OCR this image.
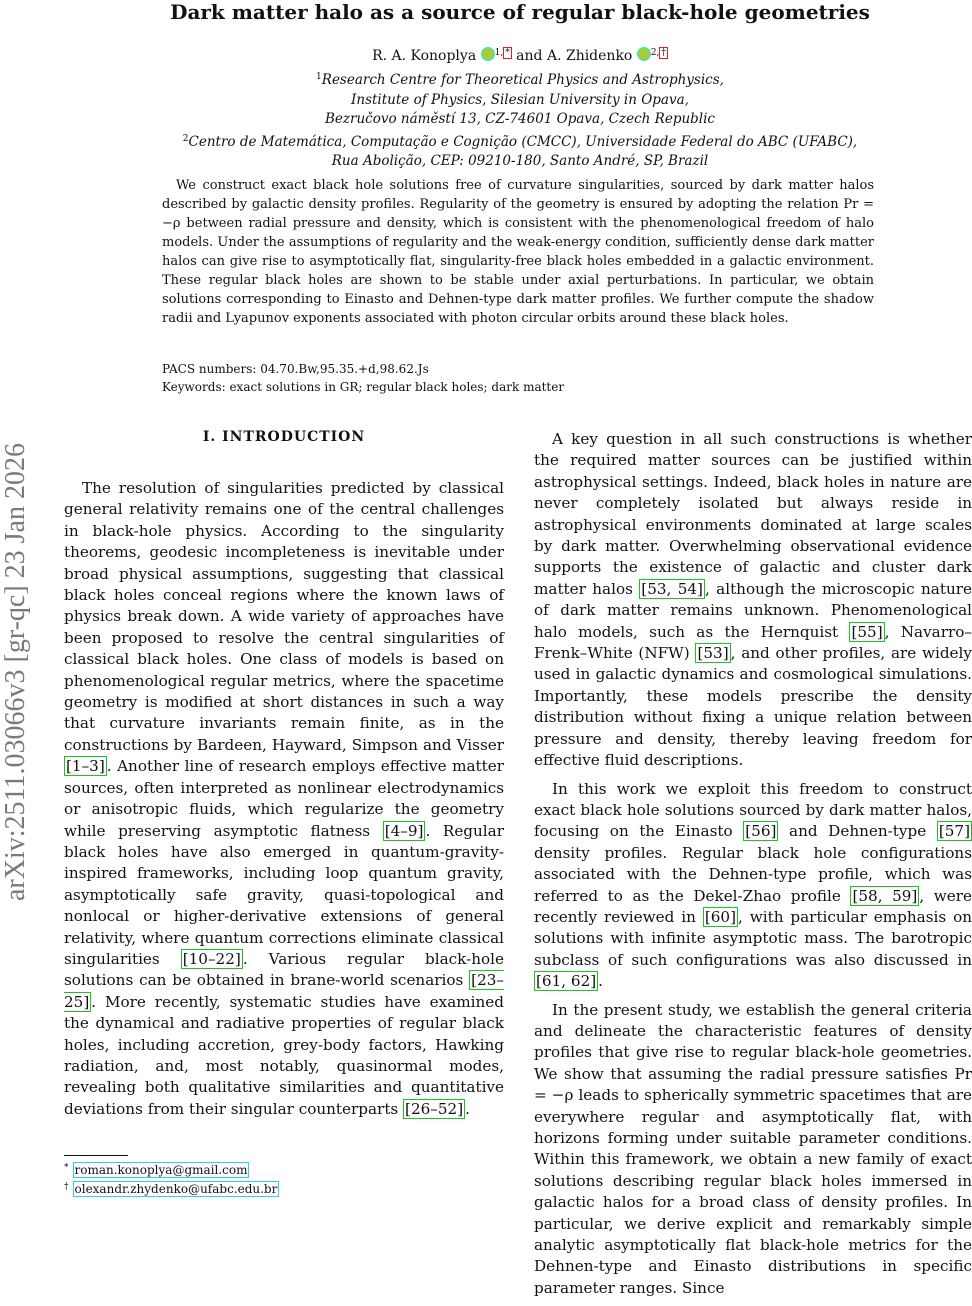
arXiv:2511.03066v3 [gr-qc] 23 Jan 2026
Dark matter halo as a source of regular black-hole geometries
R. A. Konoplya $^{1,}$ * and A. Zhidenko $^{2,}$ †
$^1$Research Centre for Theoretical Physics and Astrophysics,
Institute of Physics, Silesian University in Opava,
Bezručovo náměstí 13, CZ-74601 Opava, Czech Republic
$^2$Centro de Matemática, Computação e Cognição (CMCC), Universidade Federal do ABC (UFABC),
Rua Abolição, CEP: 09210-180, Santo André, SP, Brazil
We construct exact black hole solutions free of curvature singularities, sourced by dark matter halos described by galactic density profiles. Regularity of the geometry is ensured by adopting the relation Pr = −ρ between radial pressure and density, which is consistent with the phenomenological freedom of halo models. Under the assumptions of regularity and the weak-energy condition, sufficiently dense dark matter halos can give rise to asymptotically flat, singularity-free black holes embedded in a galactic environment. These regular black holes are shown to be stable under axial perturbations. In particular, we obtain solutions corresponding to Einasto and Dehnen-type dark matter profiles. We further compute the shadow radii and Lyapunov exponents associated with photon circular orbits around these black holes.
PACS numbers: 04.70.Bw,95.35.+d,98.62.Js
Keywords: exact solutions in GR; regular black holes; dark matter
I. INTRODUCTION

The resolution of singularities predicted by classical general relativity remains one of the central challenges in black-hole physics. According to the singularity theorems, geodesic incompleteness is inevitable under broad physical assumptions, suggesting that classical black holes conceal regions where the known laws of physics break down. A wide variety of approaches have been proposed to resolve the central singularities of classical black holes. One class of models is based on phenomenological regular metrics, where the spacetime geometry is modified at short distances in such a way that curvature invariants remain finite, as in the constructions by Bardeen, Hayward, Simpson and Visser [1–3] . Another line of research employs effective matter sources, often interpreted as nonlinear electrodynamics or anisotropic fluids, which regularize the geometry while preserving asymptotic flatness [4–9] . Regular black holes have also emerged in quantum-gravity-inspired frameworks, including loop quantum gravity, asymptotically safe gravity, quasi-topological and nonlocal or higher-derivative extensions of general relativity, where quantum corrections eliminate classical singularities [10–22] . Various regular black-hole solutions can be obtained in brane-world scenarios [23–25] . More recently, systematic studies have examined the dynamical and radiative properties of regular black holes, including accretion, grey-body factors, Hawking radiation, and, most notably, quasinormal modes, revealing both qualitative similarities and quantitative deviations from their singular counterparts [26–52] .

A key question in all such constructions is whether the required matter sources can be justified within astrophysical settings. Indeed, black holes in nature are never completely isolated but always reside in astrophysical environments dominated at large scales by dark matter. Overwhelming observational evidence supports the existence of galactic and cluster dark matter halos [53, 54] , although the microscopic nature of dark matter remains unknown. Phenomenological halo models, such as the Hernquist [55] , Navarro–Frenk–White (NFW) [53] , and other profiles, are widely used in galactic dynamics and cosmological simulations. Importantly, these models prescribe the density distribution without fixing a unique relation between pressure and density, thereby leaving freedom for effective fluid descriptions.

In this work we exploit this freedom to construct exact black hole solutions sourced by dark matter halos, focusing on the Einasto [56] and Dehnen-type [57] density profiles. Regular black hole configurations associated with the Dehnen-type profile, which was referred to as the Dekel-Zhao profile [58, 59] , were recently reviewed in [60] , with particular emphasis on solutions with infinite asymptotic mass. The barotropic subclass of such configurations was also discussed in [61, 62] .

In the present study, we establish the general criteria and delineate the characteristic features of density profiles that give rise to regular black-hole geometries. We show that assuming the radial pressure satisfies Pr = −ρ leads to spherically symmetric spacetimes that are everywhere regular and asymptotically flat, with horizons forming under suitable parameter conditions. Within this framework, we obtain a new family of exact solutions describing regular black holes immersed in galactic halos for a broad class of density profiles. In particular, we derive explicit and remarkably simple analytic asymptotically flat black-hole metrics for the Dehnen-type and Einasto distributions in specific parameter ranges. Since

* roman.konoplya@gmail.com
† olexandr.zhydenko@ufabc.edu.br
